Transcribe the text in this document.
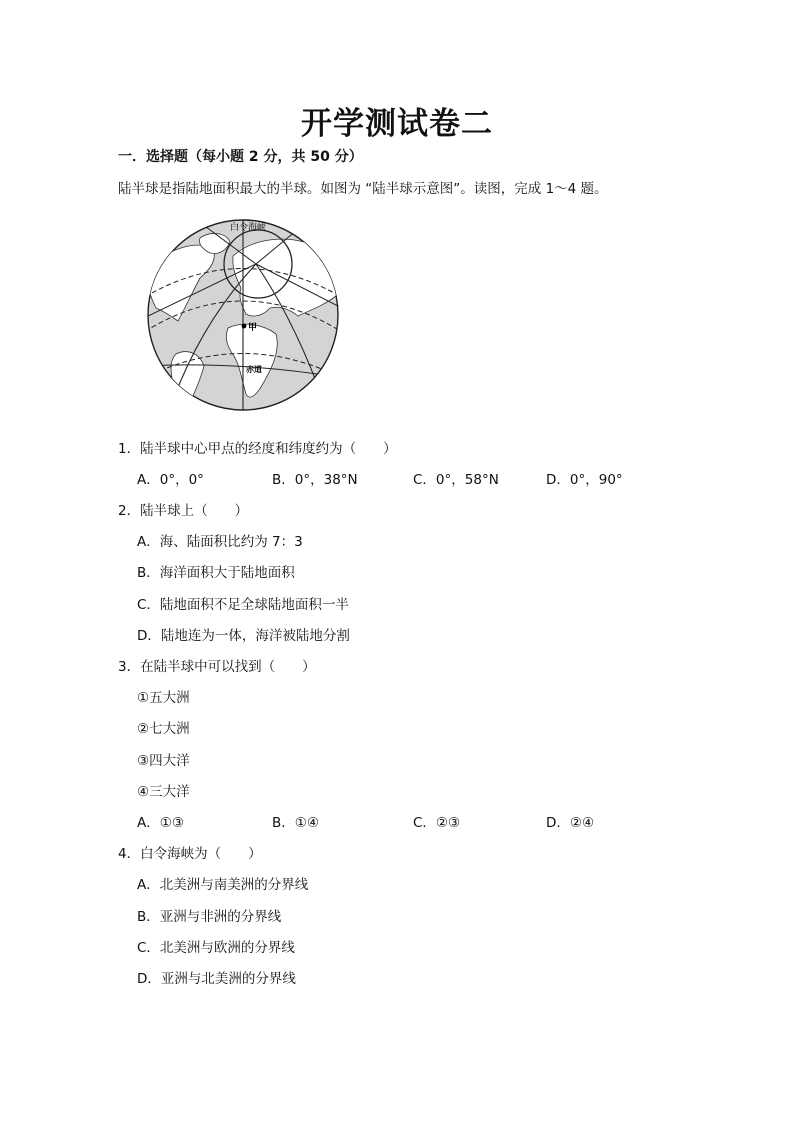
开学测试卷二
一．选择题（每小题 2 分，共 50 分）
陆半球是指陆地面积最大的半球。如图为 “陆半球示意图”。读图，完成 1～4 题。
甲
白令海峡
赤道
1．陆半球中心甲点的经度和纬度约为（　　）
A．0°，0°	B．0°，38°N	C．0°，58°N	D．0°，90°
2．陆半球上（　　）
A．海、陆面积比约为 7：3
B．海洋面积大于陆地面积
C．陆地面积不足全球陆地面积一半
D．陆地连为一体，海洋被陆地分割
3．在陆半球中可以找到（　　）
①五大洲
②七大洲
③四大洋
④三大洋
A．①③	B．①④	C．②③	D．②④
4．白令海峡为（　　）
A．北美洲与南美洲的分界线
B．亚洲与非洲的分界线
C．北美洲与欧洲的分界线
D．亚洲与北美洲的分界线
